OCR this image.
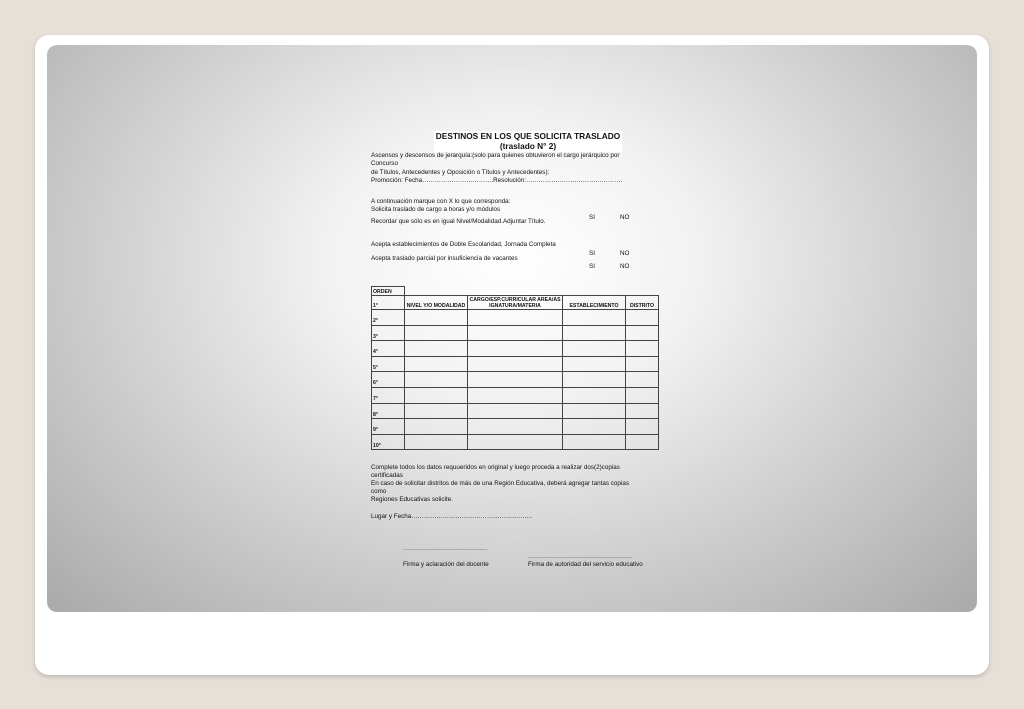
DESTINOS EN LOS QUE SOLICITA TRASLADO
(traslado N° 2)
Ascensos y descensos de jerarquía:(solo para quienes obtuvieron el cargo jerárquico por
Concurso
de Títulos, Antecedentes y Oposición o Títulos y Antecedentes):
Promoción: Fecha…………………………….Resolución:……………………………………….
A continuación marque con X lo que corresponda:
Solicita traslado de cargo a horas y/o módulos
SI	NO
Recordar que sólo es en igual Nivel/Modalidad.Adjuntar Título.
Acepta establecimientos de Doble Escolaridad, Jornada Completa
SI	NO
Acepta traslado parcial por insuficiencia de vacantes
SI	NO
ORDEN				
1°	NIVEL Y/O MODALIDAD	CARGO/ESP.CURRICULAR AREA/AS IGNATURA/MATERIA	ESTABLECIMIENTO	DISTRITO
2°				
3°				
4°				
5°				
6°				
7°				
8°				
9°				
10°				
Complete todos los datos requueridos en original y luego proceda a realizar dos(2)copias
certificadas
En caso de solicitar distritos de más de una Región Educativa, deberá agregar tantas copias
como
Regiones Educativas solicite.
Lugar y Fecha………………………………………………….
……………………………………
…………………………………………….
Firma y aclaración del docente	Firma de autoridad del servicio educativo
